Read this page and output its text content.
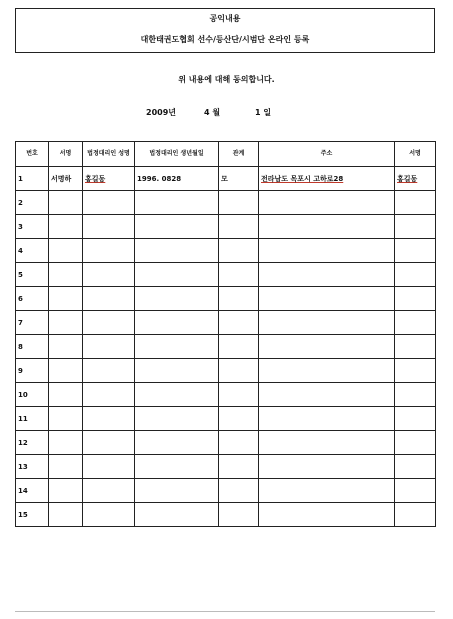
공익내용
대한태권도협회 선수/등산단/시범단 온라인 등록
위 내용에 대해 동의합니다.
2009년	4 월	1 일
번호	서명	법정대리인 성명	법정대리인 생년월일	관계	주소	서명
1	서명하	홍길동	1996. 0828	모	전라남도 목포시 고하로28	홍길동
2						
3						
4						
5						
6						
7						
8						
9						
10						
11						
12						
13						
14						
15						
